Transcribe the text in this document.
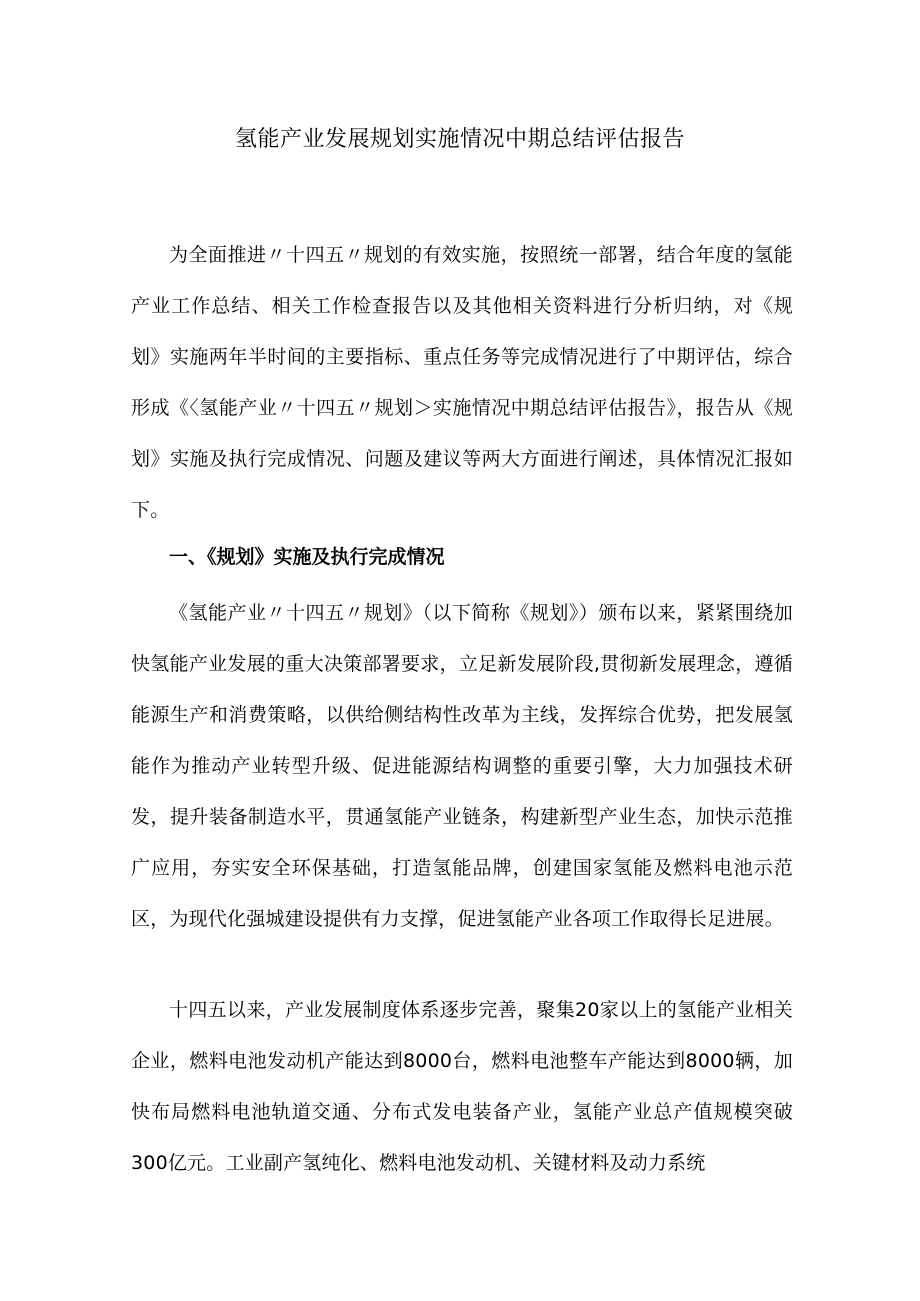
氢能产业发展规划实施情况中期总结评估报告

为全面推进〃十四五〃规划的有效实施，按照统一部署，结合年度的氢能产业工作总结、相关工作检查报告以及其他相关资料进行分析归纳，对《规划》实施两年半时间的主要指标、重点任务等完成情况进行了中期评估，综合形成《〈氢能产业〃十四五〃规划＞实施情况中期总结评估报告》，报告从《规划》实施及执行完成情况、问题及建议等两大方面进行阐述，具体情况汇报如下。

一、《规划》实施及执行完成情况

《氢能产业〃十四五〃规划》（以下简称《规划》）颁布以来，紧紧围绕加快氢能产业发展的重大决策部署要求，立足新发展阶段,贯彻新发展理念，遵循能源生产和消费策略，以供给侧结构性改革为主线，发挥综合优势，把发展氢能作为推动产业转型升级、促进能源结构调整的重要引擎，大力加强技术研发，提升装备制造水平，贯通氢能产业链条，构建新型产业生态，加快示范推广应用，夯实安全环保基础，打造氢能品牌，创建国家氢能及燃料电池示范区，为现代化强城建设提供有力支撑，促进氢能产业各项工作取得长足进展。

十四五以来，产业发展制度体系逐步完善，聚集20家以上的氢能产业相关企业，燃料电池发动机产能达到8000台，燃料电池整车产能达到8000辆，加快布局燃料电池轨道交通、分布式发电装备产业，氢能产业总产值规模突破300亿元。工业副产氢纯化、燃料电池发动机、关键材料及动力系统
